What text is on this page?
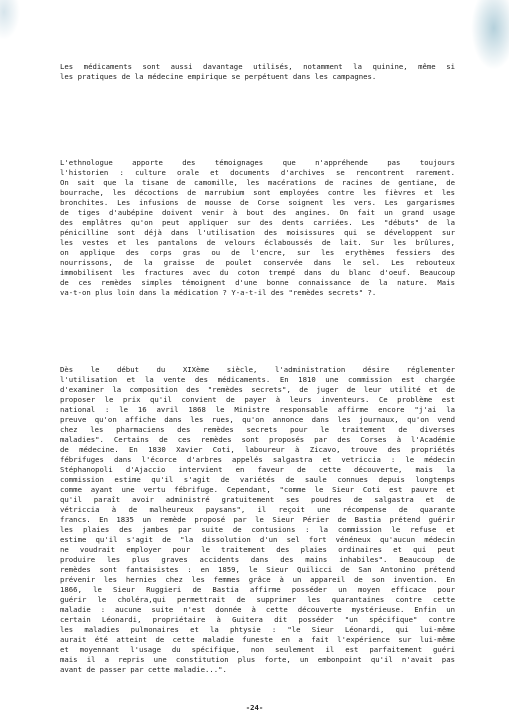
Les médicaments sont aussi davantage utilisés, notamment la quinine, même si
les pratiques de la médecine empirique se perpétuent dans les campagnes.
L'ethnologue apporte des témoignages que n'appréhende pas toujours
l'historien : culture orale et documents d'archives se rencontrent rarement.
On sait que la tisane de camomille, les macérations de racines de gentiane, de
bourrache, les décoctions de marrubium sont employées contre les fièvres et les
bronchites. Les infusions de mousse de Corse soignent les vers. Les gargarismes
de tiges d'aubépine doivent venir à bout des angines. On fait un grand usage
des emplâtres qu'on peut appliquer sur des dents carriées. Les "débuts" de la
pénicilline sont déjà dans l'utilisation des moisissures qui se développent sur
les vestes et les pantalons de velours éclaboussés de lait. Sur les brûlures,
on applique des corps gras ou de l'encre, sur les erythèmes fessiers des
nourrissons, de la graisse de poulet conservée dans le sel. Les rebouteux
immobilisent les fractures avec du coton trempé dans du blanc d'oeuf. Beaucoup
de ces remèdes simples témoignent d'une bonne connaissance de la nature. Mais
va-t-on plus loin dans la médication ? Y-a-t-il des "remèdes secrets" ?.
Dès le début du XIXème siècle, l'administration désire réglementer
l'utilisation et la vente des médicaments. En 1810 une commission est chargée
d'examiner la composition des "remèdes secrets", de juger de leur utilité et de
proposer le prix qu'il convient de payer à leurs inventeurs. Ce problème est
national : le 16 avril 1868 le Ministre responsable affirme encore "j'ai la
preuve qu'on affiche dans les rues, qu'on annonce dans les journaux, qu'on vend
chez les pharmaciens des remèdes secrets pour le traitement de diverses
maladies". Certains de ces remèdes sont proposés par des Corses à l'Académie
de médecine. En 1830 Xavier Coti, laboureur à Zicavo, trouve des propriétés
fébrifuges dans l'écorce d'arbres appelés salgastra et vetriccia : le médecin
Stéphanopoli d'Ajaccio intervient en faveur de cette découverte, mais la
commission estime qu'il s'agit de variétés de saule connues depuis longtemps
comme ayant une vertu fébrifuge. Cependant, "comme le Sieur Coti est pauvre et
qu'il paraît avoir administré gratuitement ses poudres de salgastra et de
vétriccia à de malheureux paysans", il reçoit une récompense de quarante
francs. En 1835 un remède proposé par le Sieur Périer de Bastia prétend guérir
les plaies des jambes par suite de contusions : la commission le refuse et
estime qu'il s'agit de "la dissolution d'un sel fort vénéneux qu'aucun médecin
ne voudrait employer pour le traitement des plaies ordinaires et qui peut
produire les plus graves accidents dans des mains inhabiles". Beaucoup de
remèdes sont fantaisistes : en 1859, le Sieur Quilicci de San Antonino prétend
prévenir les hernies chez les femmes grâce à un appareil de son invention. En
1866, le Sieur Ruggieri de Bastia affirme posséder un moyen efficace pour
guérir le choléra,qui permettrait de supprimer les quarantaines contre cette
maladie : aucune suite n'est donnée à cette découverte mystérieuse. Enfin un
certain Léonardi, propriétaire à Guitera dit posséder "un spécifique" contre
les maladies pulmonaires et la phtysie : "le Sieur Léonardi, qui lui-même
aurait été atteint de cette maladie funeste en a fait l'expérience sur lui-même
et moyennant l'usage du spécifique, non seulement il est parfaitement guéri
mais il a repris une constitution plus forte, un embonpoint qu'il n'avait pas
avant de passer par cette maladie...".
-24-
